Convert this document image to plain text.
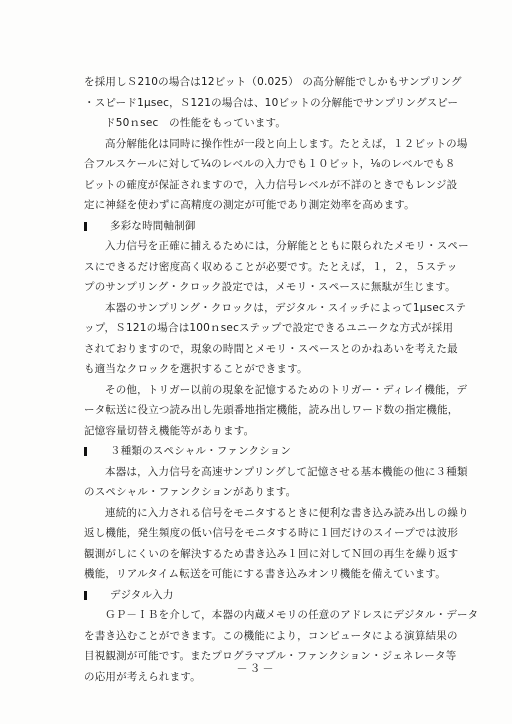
を採用しＳ210の場合は12ビット（0.025） の高分解能でしかもサンプリング
・スピード1μsec，Ｓ121の場合は、10ビットの分解能でサンプリングスピー
ド50ｎsec　の性能をもっています。
高分解能化は同時に操作性が一段と向上します。たとえば，１２ビットの場
合フルスケールに対して¼のレベルの入力でも１０ビット，⅛のレベルでも８
ビットの確度が保証されますので，入力信号レベルが不詳のときでもレンジ設
定に神経を使わずに高精度の測定が可能であり測定効率を高めます。
多彩な時間軸制御
入力信号を正確に捕えるためには，分解能とともに限られたメモリ・スペー
スにできるだけ密度高く収めることが必要です。たとえば，１，２，５ステッ
プのサンプリング・クロック設定では，メモリ・スペースに無駄が生じます。
本器のサンプリング・クロックは，デジタル・スイッチによって1μsecステ
ップ，Ｓ121の場合は100ｎsecステップで設定できるユニークな方式が採用
されておりますので，現象の時間とメモリ・スペースとのかねあいを考えた最
も適当なクロックを選択することができます。
その他，トリガー以前の現象を記憶するためのトリガー・ディレイ機能，デ
ータ転送に役立つ読み出し先頭番地指定機能，読み出しワード数の指定機能，
記憶容量切替え機能等があります。
３種類のスペシャル・ファンクション
本器は，入力信号を高速サンプリングして記憶させる基本機能の他に３種類
のスペシャル・ファンクションがあります。
連続的に入力される信号をモニタするときに便利な書き込み読み出しの繰り
返し機能，発生頻度の低い信号をモニタする時に１回だけのスイープでは波形
観測がしにくいのを解決するため書き込み１回に対してＮ回の再生を繰り返す
機能，リアルタイム転送を可能にする書き込みオンリ機能を備えています。
デジタル入力
ＧＰ－ＩＢを介して，本器の内蔵メモリの任意のアドレスにデジタル・データ
を書き込むことができます。この機能により，コンピュータによる演算結果の
目視観測が可能です。またプログラマブル・ファンクション・ジェネレータ等
の応用が考えられます。
－３－
